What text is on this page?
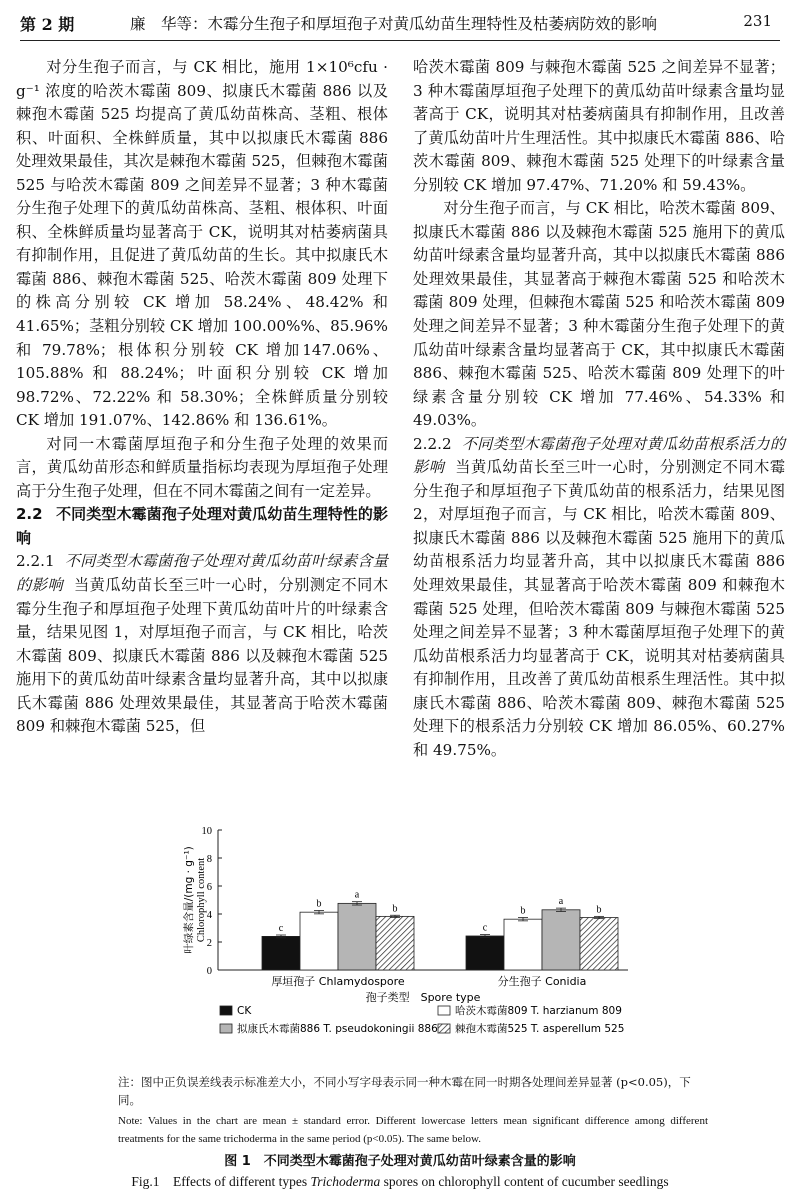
第 2 期	廉　华等：木霉分生孢子和厚垣孢子对黄瓜幼苗生理特性及枯萎病防效的影响	231

对分生孢子而言，与 CK 相比，施用 1×10⁶cfu · g⁻¹ 浓度的哈茨木霉菌 809、拟康氏木霉菌 886 以及棘孢木霉菌 525 均提高了黄瓜幼苗株高、茎粗、根体积、叶面积、全株鲜质量，其中以拟康氏木霉菌 886 处理效果最佳，其次是棘孢木霉菌 525，但棘孢木霉菌 525 与哈茨木霉菌 809 之间差异不显著；3 种木霉菌分生孢子处理下的黄瓜幼苗株高、茎粗、根体积、叶面积、全株鲜质量均显著高于 CK，说明其对枯萎病菌具有抑制作用，且促进了黄瓜幼苗的生长。其中拟康氏木霉菌 886、棘孢木霉菌 525、哈茨木霉菌 809 处理下的株高分别较 CK 增加 58.24%、48.42% 和 41.65%；茎粗分别较 CK 增加 100.00%%、85.96% 和 79.78%；根体积分别较 CK 增加147.06%、105.88% 和 88.24%；叶面积分别较 CK 增加98.72%、72.22% 和 58.30%；全株鲜质量分别较 CK 增加 191.07%、142.86% 和 136.61%。

对同一木霉菌厚垣孢子和分生孢子处理的效果而言，黄瓜幼苗形态和鲜质量指标均表现为厚垣孢子处理高于分生孢子处理，但在不同木霉菌之间有一定差异。

2.2 不同类型木霉菌孢子处理对黄瓜幼苗生理特性的影响

2.2.1 不同类型木霉菌孢子处理对黄瓜幼苗叶绿素含量的影响 当黄瓜幼苗长至三叶一心时，分别测定不同木霉分生孢子和厚垣孢子处理下黄瓜幼苗叶片的叶绿素含量，结果见图 1，对厚垣孢子而言，与 CK 相比，哈茨木霉菌 809、拟康氏木霉菌 886 以及棘孢木霉菌 525 施用下的黄瓜幼苗叶绿素含量均显著升高，其中以拟康氏木霉菌 886 处理效果最佳，其显著高于哈茨木霉菌 809 和棘孢木霉菌 525，但

哈茨木霉菌 809 与棘孢木霉菌 525 之间差异不显著；3 种木霉菌厚垣孢子处理下的黄瓜幼苗叶绿素含量均显著高于 CK，说明其对枯萎病菌具有抑制作用，且改善了黄瓜幼苗叶片生理活性。其中拟康氏木霉菌 886、哈茨木霉菌 809、棘孢木霉菌 525 处理下的叶绿素含量分别较 CK 增加 97.47%、71.20% 和 59.43%。

对分生孢子而言，与 CK 相比，哈茨木霉菌 809、拟康氏木霉菌 886 以及棘孢木霉菌 525 施用下的黄瓜幼苗叶绿素含量均显著升高，其中以拟康氏木霉菌 886 处理效果最佳，其显著高于棘孢木霉菌 525 和哈茨木霉菌 809 处理，但棘孢木霉菌 525 和哈茨木霉菌 809 处理之间差异不显著；3 种木霉菌分生孢子处理下的黄瓜幼苗叶绿素含量均显著高于 CK，其中拟康氏木霉菌 886、棘孢木霉菌 525、哈茨木霉菌 809 处理下的叶绿素含量分别较 CK 增加 77.46%、54.33% 和 49.03%。

2.2.2 不同类型木霉菌孢子处理对黄瓜幼苗根系活力的影响 当黄瓜幼苗长至三叶一心时，分别测定不同木霉分生孢子和厚垣孢子下黄瓜幼苗的根系活力，结果见图 2，对厚垣孢子而言，与 CK 相比，哈茨木霉菌 809、拟康氏木霉菌 886 以及棘孢木霉菌 525 施用下的黄瓜幼苗根系活力均显著升高，其中以拟康氏木霉菌 886 处理效果最佳，其显著高于哈茨木霉菌 809 和棘孢木霉菌 525 处理，但哈茨木霉菌 809 与棘孢木霉菌 525 处理之间差异不显著；3 种木霉菌厚垣孢子处理下的黄瓜幼苗根系活力均显著高于 CK，说明其对枯萎病菌具有抑制作用，且改善了黄瓜幼苗根系生理活性。其中拟康氏木霉菌 886、哈茨木霉菌 809、棘孢木霉菌 525 处理下的根系活力分别较 CK 增加 86.05%、60.27% 和 49.75%。

0
2
4
6
8
10
叶绿素含量/(mg · g⁻¹) Chlorophyll content	c
b
a
b
厚垣孢子 Chlamydospore
c
b
a
b
分生孢子 Conidia
孢子类型　Spore type
CK	哈茨木霉菌809 T. harzianum 809
拟康氏木霉菌886 T. pseudokoningii 886 棘孢木霉菌525 T. asperellum 525
注：图中正负误差线表示标准差大小，不同小写字母表示同一种木霉在同一时期各处理间差异显著 (p<0.05)，下同。
Note: Values in the chart are mean ± standard error. Different lowercase letters mean significant difference among different treatments for the same trichoderma in the same period (p<0.05). The same below.
图 1　不同类型木霉菌孢子处理对黄瓜幼苗叶绿素含量的影响
Fig.1　Effects of different types Trichoderma spores on chlorophyll content of cucumber seedlings
